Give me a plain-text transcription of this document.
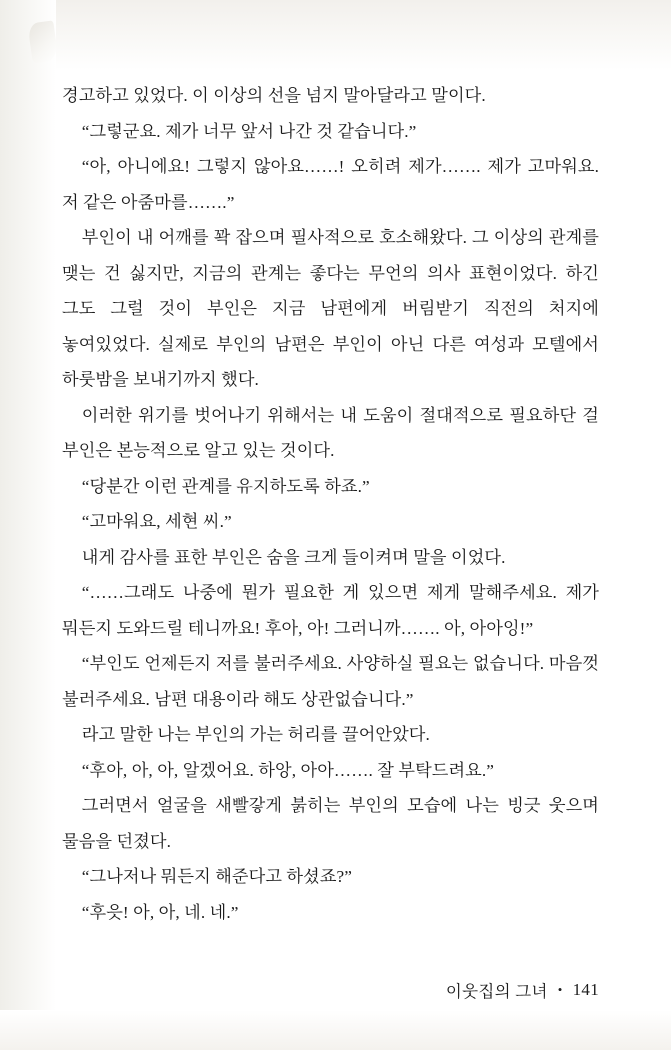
경고하고 있었다. 이 이상의 선을 넘지 말아달라고 말이다.

“그렇군요. 제가 너무 앞서 나간 것 같습니다.”

“아, 아니에요! 그렇지 않아요……! 오히려 제가……. 제가 고마워요. 저 같은 아줌마를…….”

부인이 내 어깨를 꽉 잡으며 필사적으로 호소해왔다. 그 이상의 관계를 맺는 건 싫지만, 지금의 관계는 좋다는 무언의 의사 표현이었다. 하긴 그도 그럴 것이 부인은 지금 남편에게 버림받기 직전의 처지에 놓여있었다. 실제로 부인의 남편은 부인이 아닌 다른 여성과 모텔에서 하룻밤을 보내기까지 했다.

이러한 위기를 벗어나기 위해서는 내 도움이 절대적으로 필요하단 걸 부인은 본능적으로 알고 있는 것이다.

“당분간 이런 관계를 유지하도록 하죠.”

“고마워요, 세현 씨.”

내게 감사를 표한 부인은 숨을 크게 들이켜며 말을 이었다.

“……그래도 나중에 뭔가 필요한 게 있으면 제게 말해주세요. 제가 뭐든지 도와드릴 테니까요! 후아, 아! 그러니까……. 아, 아아잉!”

“부인도 언제든지 저를 불러주세요. 사양하실 필요는 없습니다. 마음껏 불러주세요. 남편 대용이라 해도 상관없습니다.”

라고 말한 나는 부인의 가는 허리를 끌어안았다.

“후아, 아, 아, 알겠어요. 하앙, 아아……. 잘 부탁드려요.”

그러면서 얼굴을 새빨갛게 붉히는 부인의 모습에 나는 빙긋 웃으며 물음을 던졌다.

“그나저나 뭐든지 해준다고 하셨죠?”

“후읏! 아, 아, 네. 네.”

이웃집의 그녀 • 141
